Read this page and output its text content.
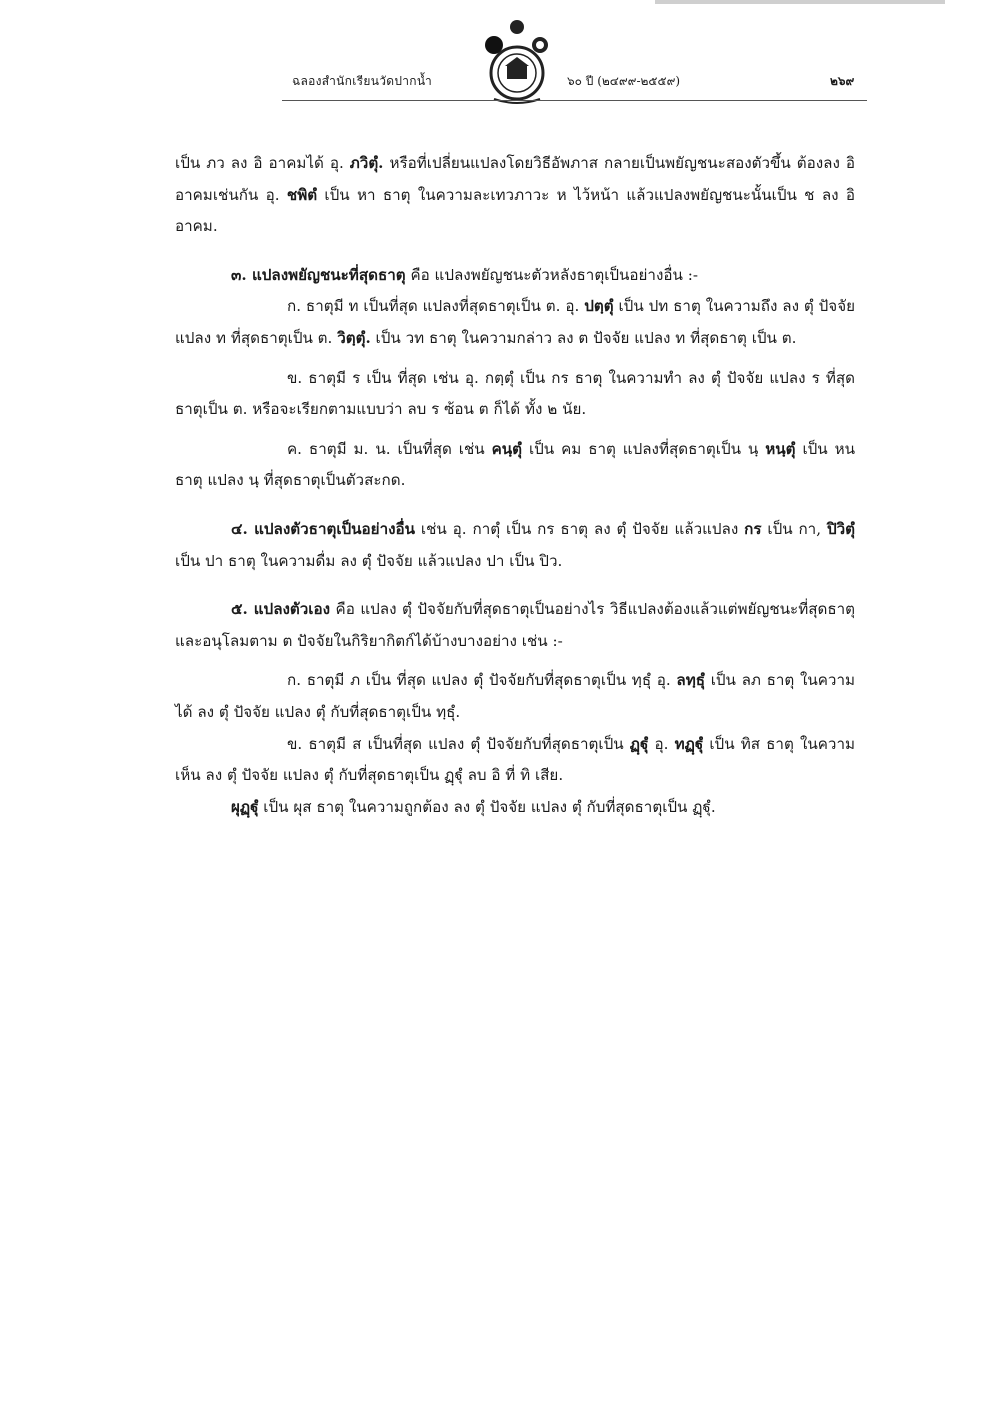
ฉลองสำนักเรียนวัดปากน้ำ	๖๐ ปี (๒๔๙๙-๒๕๕๙)	๒๖๙

เป็น ภว ลง อิ อาคมได้ อุ. ภวิตุํ. หรือที่เปลี่ยนแปลงโดยวิธีอัพภาส กลายเป็นพยัญชนะสองตัวขึ้น ต้องลง อิ อาคมเช่นกัน อุ. ชพิตํ เป็น หา ธาตุ ในความละเทวภาวะ ห ไว้หน้า แล้วแปลงพยัญชนะนั้นเป็น ช ลง อิ อาคม.

๓. แปลงพยัญชนะที่สุดธาตุ คือ แปลงพยัญชนะตัวหลังธาตุเป็นอย่างอื่น :-

ก. ธาตุมี ท เป็นที่สุด แปลงที่สุดธาตุเป็น ต. อุ. ปตฺตุํ เป็น ปท ธาตุ ในความถึง ลง ตุํ ปัจจัย แปลง ท ที่สุดธาตุเป็น ต. วิตฺตุํ. เป็น วท ธาตุ ในความกล่าว ลง ต ปัจจัย แปลง ท ที่สุดธาตุ เป็น ต.

ข. ธาตุมี ร เป็น ที่สุด เช่น อุ. กตฺตุํ เป็น กร ธาตุ ในความทำ ลง ตุํ ปัจจัย แปลง ร ที่สุดธาตุเป็น ต. หรือจะเรียกตามแบบว่า ลบ ร ซ้อน ต ก็ได้ ทั้ง ๒ นัย.

ค. ธาตุมี ม. น. เป็นที่สุด เช่น คนฺตุํ เป็น คม ธาตุ แปลงที่สุดธาตุเป็น นฺ หนฺตุํ เป็น หน ธาตุ แปลง นฺ ที่สุดธาตุเป็นตัวสะกด.

๔. แปลงตัวธาตุเป็นอย่างอื่น เช่น อุ. กาตุํ เป็น กร ธาตุ ลง ตุํ ปัจจัย แล้วแปลง กร เป็น กา, ปิวิตุํ เป็น ปา ธาตุ ในความดื่ม ลง ตุํ ปัจจัย แล้วแปลง ปา เป็น ปิว.

๕. แปลงตัวเอง คือ แปลง ตุํ ปัจจัยกับที่สุดธาตุเป็นอย่างไร วิธีแปลงต้องแล้วแต่พยัญชนะที่สุดธาตุ และอนุโลมตาม ต ปัจจัยในกิริยากิตก์ได้บ้างบางอย่าง เช่น :-

ก. ธาตุมี ภ เป็น ที่สุด แปลง ตุํ ปัจจัยกับที่สุดธาตุเป็น ทฺธุํ อุ. ลทฺธุํ เป็น ลภ ธาตุ ในความได้ ลง ตุํ ปัจจัย แปลง ตุํ กับที่สุดธาตุเป็น ทฺธุํ.

ข. ธาตุมี ส เป็นที่สุด แปลง ตุํ ปัจจัยกับที่สุดธาตุเป็น ฏฺฐุํ อุ. ทฏฺฐุํ เป็น ทิส ธาตุ ในความเห็น ลง ตุํ ปัจจัย แปลง ตุํ กับที่สุดธาตุเป็น ฏฺฐุํ ลบ อิ ที่ ทิ เสีย.

ผุฏฺฐุํ เป็น ผุส ธาตุ ในความถูกต้อง ลง ตุํ ปัจจัย แปลง ตุํ กับที่สุดธาตุเป็น ฏฺฐุํ.
